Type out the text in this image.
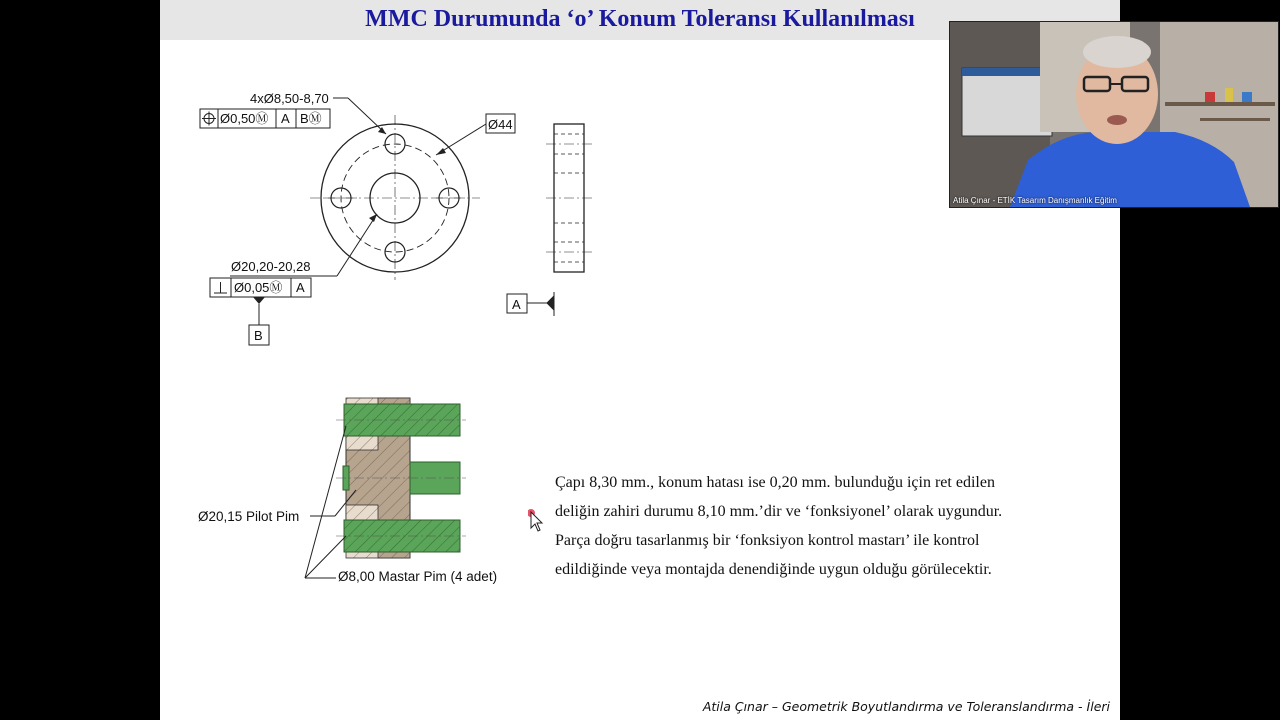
MMC Durumunda ‘o’ Konum Toleransı Kullanılması
4xØ8,50-8,70
Ø0,50Ⓜ A BⓂ	Ø44
Ø20,20-20,28
Ø0,05Ⓜ A
B
A
Ø20,15 Pilot Pim
Ø8,00 Mastar Pim (4 adet)

Çapı 8,30 mm., konum hatası ise 0,20 mm. bulunduğu için ret edilen
deliğin zahiri durumu 8,10 mm.’dir ve ‘fonksiyonel’ olarak uygundur.
Parça doğru tasarlanmış bir ‘fonksiyon kontrol mastarı’ ile kontrol
edildiğinde veya montajda denendiğinde uygun olduğu görülecektir.

Atila Çınar – Geometrik Boyutlandırma ve Toleranslandırma - İleri
Atila Çınar - ETİK Tasarım Danışmanlık Eğitim
